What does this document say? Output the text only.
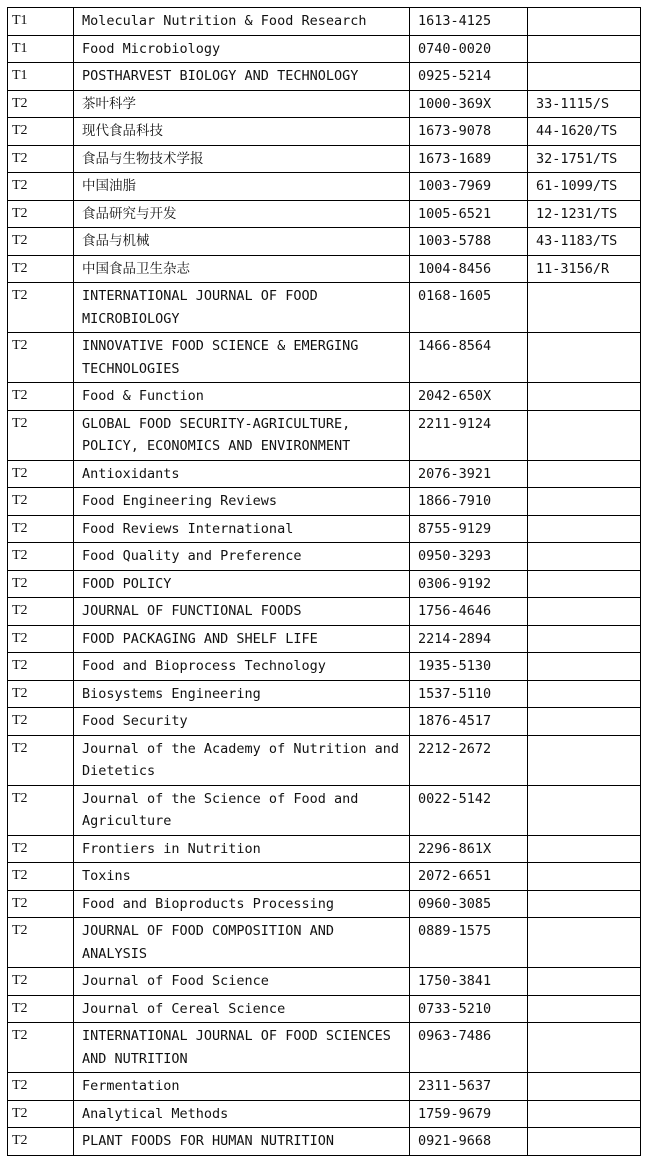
T1	Molecular Nutrition & Food Research	1613-4125	
T1	Food Microbiology	0740-0020	
T1	POSTHARVEST BIOLOGY AND TECHNOLOGY	0925-5214	
T2	茶叶科学	1000-369X	33-1115/S
T2	现代食品科技	1673-9078	44-1620/TS
T2	食品与生物技术学报	1673-1689	32-1751/TS
T2	中国油脂	1003-7969	61-1099/TS
T2	食品研究与开发	1005-6521	12-1231/TS
T2	食品与机械	1003-5788	43-1183/TS
T2	中国食品卫生杂志	1004-8456	11-3156/R
T2	INTERNATIONAL JOURNAL OF FOOD MICROBIOLOGY	0168-1605	
T2	INNOVATIVE FOOD SCIENCE & EMERGING TECHNOLOGIES	1466-8564	
T2	Food & Function	2042-650X	
T2	GLOBAL FOOD SECURITY-AGRICULTURE, POLICY, ECONOMICS AND ENVIRONMENT	2211-9124	
T2	Antioxidants	2076-3921	
T2	Food Engineering Reviews	1866-7910	
T2	Food Reviews International	8755-9129	
T2	Food Quality and Preference	0950-3293	
T2	FOOD POLICY	0306-9192	
T2	JOURNAL OF FUNCTIONAL FOODS	1756-4646	
T2	FOOD PACKAGING AND SHELF LIFE	2214-2894	
T2	Food and Bioprocess Technology	1935-5130	
T2	Biosystems Engineering	1537-5110	
T2	Food Security	1876-4517	
T2	Journal of the Academy of Nutrition and Dietetics	2212-2672	
T2	Journal of the Science of Food and Agriculture	0022-5142	
T2	Frontiers in Nutrition	2296-861X	
T2	Toxins	2072-6651	
T2	Food and Bioproducts Processing	0960-3085	
T2	JOURNAL OF FOOD COMPOSITION AND ANALYSIS	0889-1575	
T2	Journal of Food Science	1750-3841	
T2	Journal of Cereal Science	0733-5210	
T2	INTERNATIONAL JOURNAL OF FOOD SCIENCES AND NUTRITION	0963-7486	
T2	Fermentation	2311-5637	
T2	Analytical Methods	1759-9679	
T2	PLANT FOODS FOR HUMAN NUTRITION	0921-9668	
